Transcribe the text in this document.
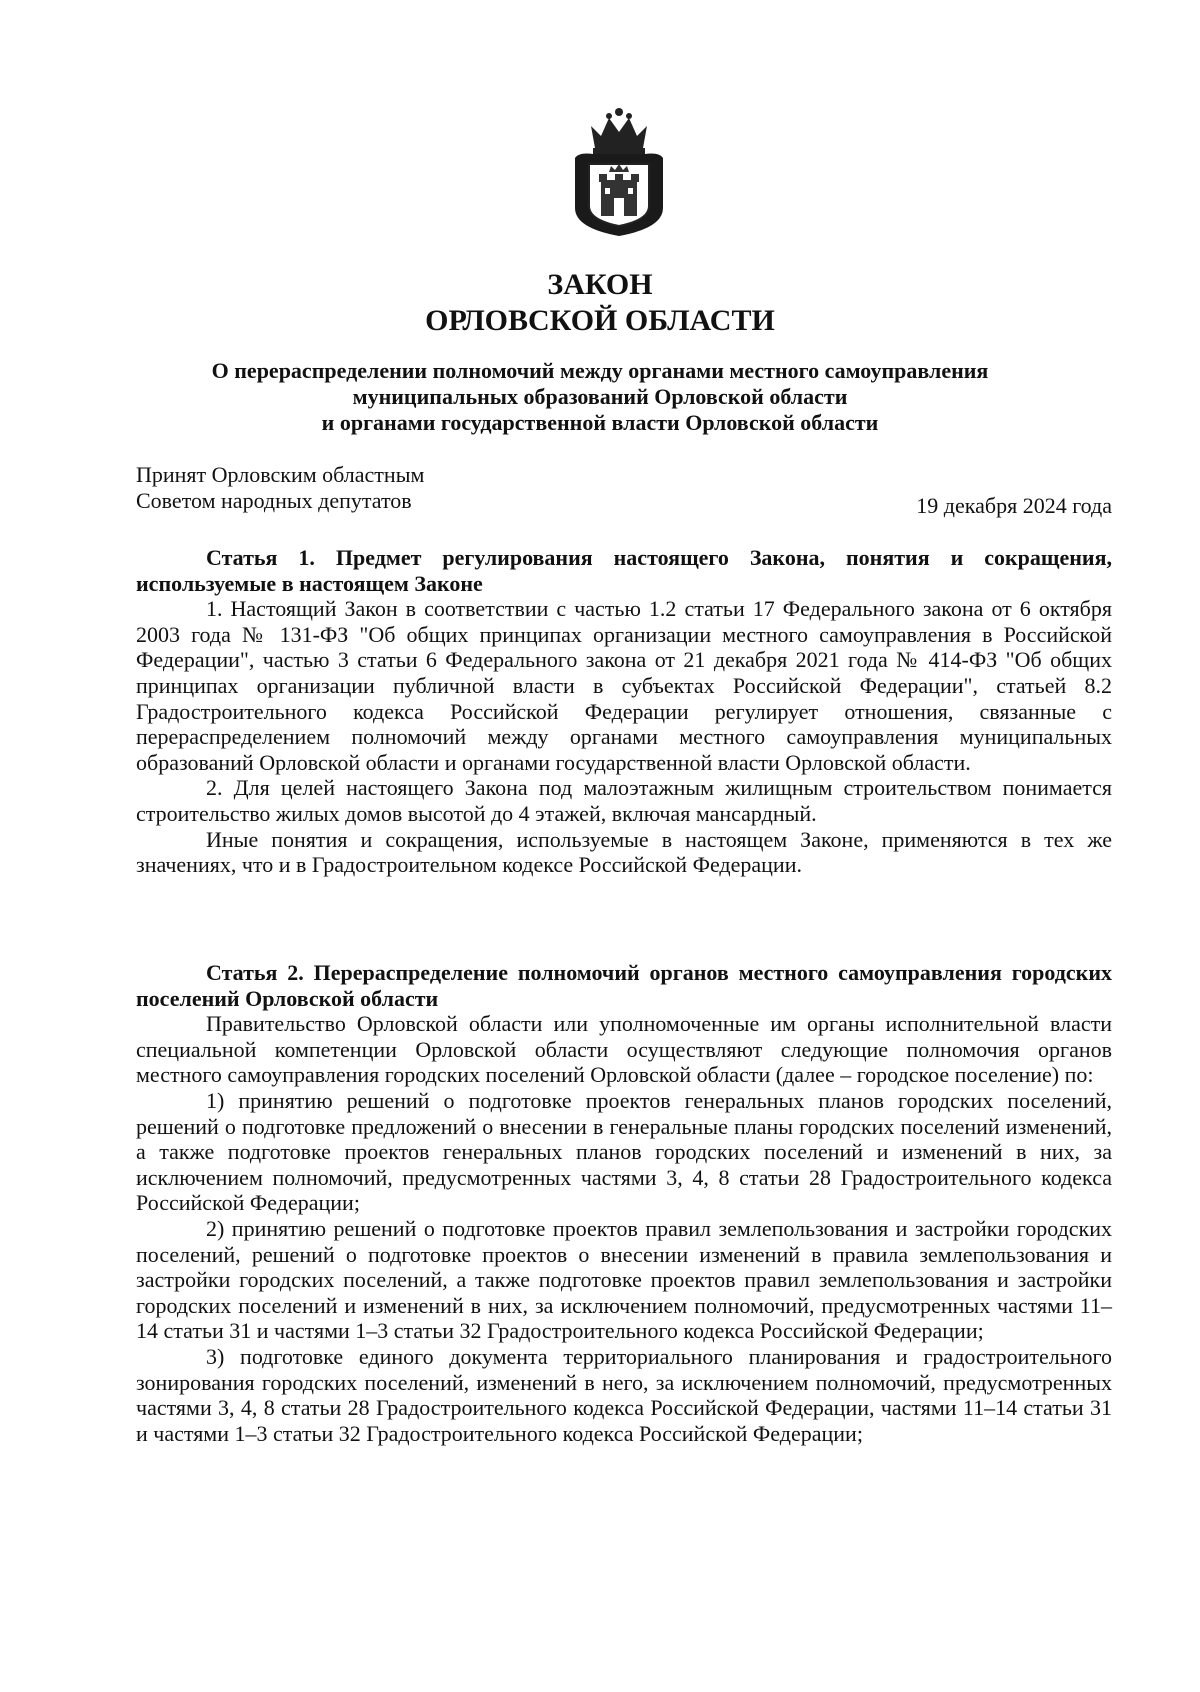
ЗАКОН
ОРЛОВСКОЙ ОБЛАСТИ
О перераспределении полномочий между органами местного самоуправления
муниципальных образований Орловской области
и органами государственной власти Орловской области
Принят Орловским областным
Советом народных депутатов	19 декабря 2024 года

Статья 1. Предмет регулирования настоящего Закона, понятия и сокращения, используемые в настоящем Законе

1. Настоящий Закон в соответствии с частью 1.2 статьи 17 Федерального закона от 6 октября 2003 года № 131-ФЗ "Об общих принципах организации местного самоуправления в Российской Федерации", частью 3 статьи 6 Федерального закона от 21 декабря 2021 года № 414-ФЗ "Об общих принципах организации публичной власти в субъектах Российской Федерации", статьей 8.2 Градостроительного кодекса Российской Федерации регулирует отношения, связанные с перераспределением полномочий между органами местного самоуправления муниципальных образований Орловской области и органами государственной власти Орловской области.

2. Для целей настоящего Закона под малоэтажным жилищным строительством понимается строительство жилых домов высотой до 4 этажей, включая мансардный.

Иные понятия и сокращения, используемые в настоящем Законе, применяются в тех же значениях, что и в Градостроительном кодексе Российской Федерации.

Статья 2. Перераспределение полномочий органов местного самоуправления городских поселений Орловской области

Правительство Орловской области или уполномоченные им органы исполнительной власти специальной компетенции Орловской области осуществляют следующие полномочия органов местного самоуправления городских поселений Орловской области (далее – городское поселение) по:

1) принятию решений о подготовке проектов генеральных планов городских поселений, решений о подготовке предложений о внесении в генеральные планы городских поселений изменений, а также подготовке проектов генеральных планов городских поселений и изменений в них, за исключением полномочий, предусмотренных частями 3, 4, 8 статьи 28 Градостроительного кодекса Российской Федерации;

2) принятию решений о подготовке проектов правил землепользования и застройки городских поселений, решений о подготовке проектов о внесении изменений в правила землепользования и застройки городских поселений, а также подготовке проектов правил землепользования и застройки городских поселений и изменений в них, за исключением полномочий, предусмотренных частями 11–14 статьи 31 и частями 1–3 статьи 32 Градостроительного кодекса Российской Федерации;

3) подготовке единого документа территориального планирования и градостроительного зонирования городских поселений, изменений в него, за исключением полномочий, предусмотренных частями 3, 4, 8 статьи 28 Градостроительного кодекса Российской Федерации, частями 11–14 статьи 31 и частями 1–3 статьи 32 Градостроительного кодекса Российской Федерации;
